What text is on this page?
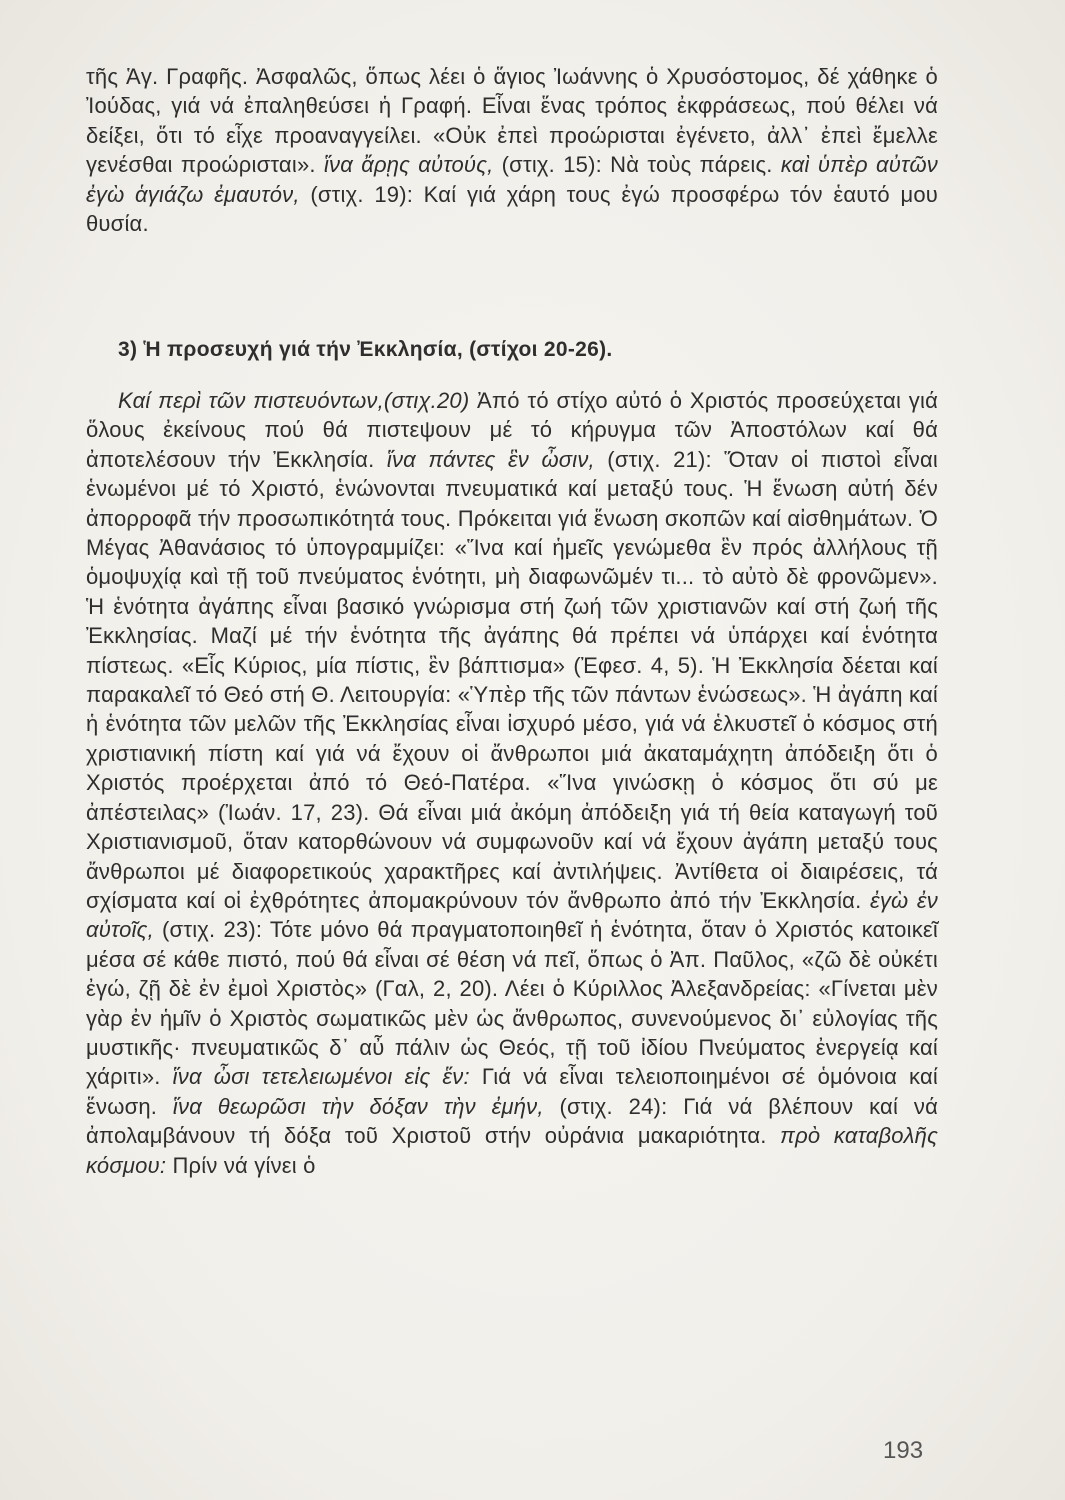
τῆς Ἁγ. Γραφῆς. Ἀσφαλῶς, ὅπως λέει ὁ ἅγιος Ἰωάννης ὁ Χρυσόστομος, δέ χάθηκε ὁ Ἰούδας, γιά νά ἐπαληθεύσει ἡ Γραφή. Εἶναι ἕνας τρόπος ἐκφράσεως, πού θέλει νά δείξει, ὅτι τό εἶχε προαναγγείλει. «Οὐκ ἐπεὶ προώρισται ἐγένετο, ἀλλ᾽ ἐπεὶ ἔμελλε γενέσθαι προώρισται». ἵνα ἄρῃς αὐτούς, (στιχ. 15): Νὰ τοὺς πάρεις. καὶ ὑπὲρ αὐτῶν ἐγὼ ἁγιάζω ἐμαυτόν, (στιχ. 19): Καί γιά χάρη τους ἐγώ προσφέρω τόν ἑαυτό μου θυσία.

3) Ἡ προσευχή γιά τήν Ἐκκλησία, (στίχοι 20-26).

Καί περὶ τῶν πιστευόντων,(στιχ.20) Ἀπό τό στίχο αὐτό ὁ Χριστός προσεύχεται γιά ὅλους ἐκείνους πού θά πιστεψουν μέ τό κήρυγμα τῶν Ἀποστόλων καί θά ἀποτελέσουν τήν Ἐκκλησία. ἵνα πάντες ἓν ὦσιν, (στιχ. 21): Ὅταν οἱ πιστοὶ εἶναι ἑνωμένοι μέ τό Χριστό, ἑνώνονται πνευματικά καί μεταξύ τους. Ἡ ἕνωση αὐτή δέν ἀπορροφᾶ τήν προσωπικότητά τους. Πρόκειται γιά ἕνωση σκοπῶν καί αἰσθημάτων. Ὁ Μέγας Ἀθανάσιος τό ὑπογραμμίζει: «Ἵνα καί ἡμεῖς γενώμεθα ἓν πρός ἀλλήλους τῇ ὁμοψυχίᾳ καὶ τῇ τοῦ πνεύματος ἑνότητι, μὴ διαφωνῶμέν τι... τὸ αὐτὸ δὲ φρονῶμεν». Ἡ ἑνότητα ἀγάπης εἶναι βασικό γνώρισμα στή ζωή τῶν χριστιανῶν καί στή ζωή τῆς Ἐκκλησίας. Μαζί μέ τήν ἑνότητα τῆς ἀγάπης θά πρέπει νά ὑπάρχει καί ἑνότητα πίστεως. «Εἷς Κύριος, μία πίστις, ἓν βάπτισμα» (Ἐφεσ. 4, 5). Ἡ Ἐκκλησία δέεται καί παρακαλεῖ τό Θεό στή Θ. Λειτουργία: «Ὑπὲρ τῆς τῶν πάντων ἑνώσεως». Ἡ ἀγάπη καί ἡ ἑνότητα τῶν μελῶν τῆς Ἐκκλησίας εἶναι ἰσχυρό μέσο, γιά νά ἑλκυστεῖ ὁ κόσμος στή χριστιανική πίστη καί γιά νά ἔχουν οἱ ἄνθρωποι μιά ἀκαταμάχητη ἀπόδειξη ὅτι ὁ Χριστός προέρχεται ἀπό τό Θεό-Πατέρα. «Ἵνα γινώσκῃ ὁ κόσμος ὅτι σύ με ἀπέστειλας» (Ἰωάν. 17, 23). Θά εἶναι μιά ἀκόμη ἀπόδειξη γιά τή θεία καταγωγή τοῦ Χριστιανισμοῦ, ὅταν κατορθώνουν νά συμφωνοῦν καί νά ἔχουν ἀγάπη μεταξύ τους ἄνθρωποι μέ διαφορετικούς χαρακτῆρες καί ἀντιλήψεις. Ἀντίθετα οἱ διαιρέσεις, τά σχίσματα καί οἱ ἐχθρότητες ἀπομακρύνουν τόν ἄνθρωπο ἀπό τήν Ἐκκλησία. ἐγὼ ἐν αὐτοῖς, (στιχ. 23): Τότε μόνο θά πραγματοποιηθεῖ ἡ ἑνότητα, ὅταν ὁ Χριστός κατοικεῖ μέσα σέ κάθε πιστό, πού θά εἶναι σέ θέση νά πεῖ, ὅπως ὁ Ἀπ. Παῦλος, «ζῶ δὲ οὐκέτι ἐγώ, ζῇ δὲ ἐν ἐμοὶ Χριστὸς» (Γαλ, 2, 20). Λέει ὁ Κύριλλος Ἀλεξανδρείας: «Γίνεται μὲν γὰρ ἐν ἡμῖν ὁ Χριστὸς σωματικῶς μὲν ὡς ἄνθρωπος, συνενούμενος δι᾽ εὐλογίας τῆς μυστικῆς· πνευματικῶς δ᾽ αὖ πάλιν ὡς Θεός, τῇ τοῦ ἰδίου Πνεύματος ἐνεργείᾳ καί χάριτι». ἵνα ὦσι τετελειωμένοι εἰς ἕν: Γιά νά εἶναι τελειοποιημένοι σέ ὁμόνοια καί ἕνωση. ἵνα θεωρῶσι τὴν δόξαν τὴν ἐμήν, (στιχ. 24): Γιά νά βλέπουν καί νά ἀπολαμβάνουν τή δόξα τοῦ Χριστοῦ στήν οὐράνια μακαριότητα. πρὸ καταβολῆς κόσμου: Πρίν νά γίνει ὁ

193
